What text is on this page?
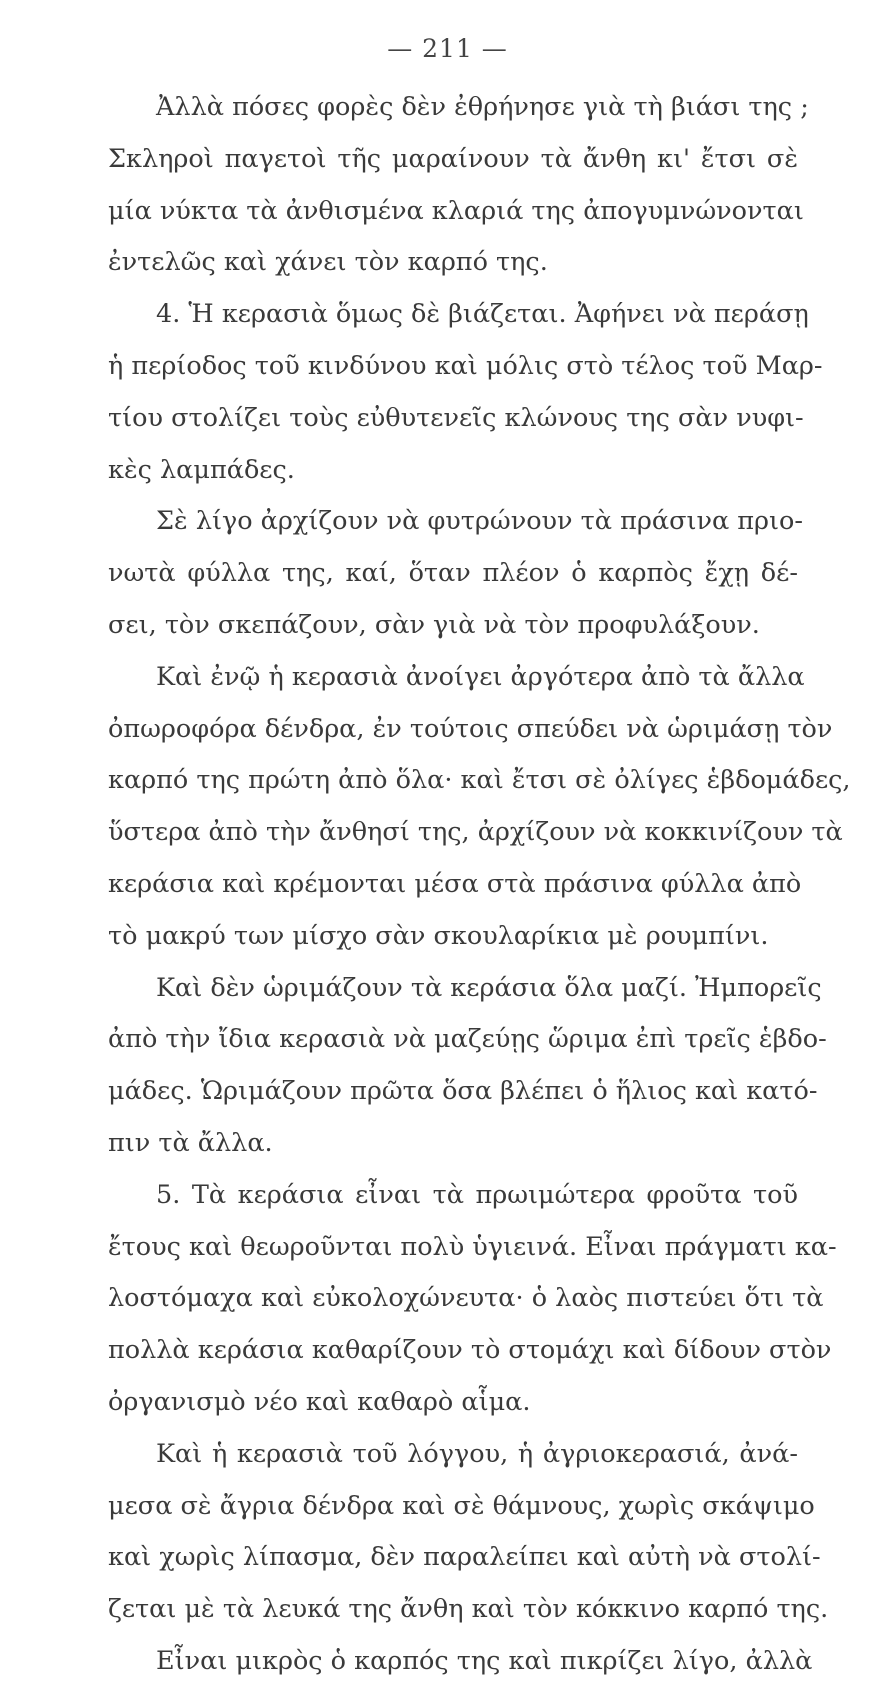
— 211 —
Ἀλλὰ πόσες φορὲς δὲν ἐθρήνησε γιὰ τὴ βιάσι της ;
Σκληροὶ παγετοὶ τῆς μαραίνουν τὰ ἄνθη κι' ἔτσι σὲ
μία νύκτα τὰ ἀνθισμένα κλαριά της ἀπογυμνώνονται
ἐντελῶς καὶ χάνει τὸν καρπό της.
4. Ἡ κερασιὰ ὅμως δὲ βιάζεται. Ἀφήνει νὰ περάσῃ
ἡ περίοδος τοῦ κινδύνου καὶ μόλις στὸ τέλος τοῦ Μαρ-
τίου στολίζει τοὺς εὐθυτενεῖς κλώνους της σὰν νυφι-
κὲς λαμπάδες.
Σὲ λίγο ἀρχίζουν νὰ φυτρώνουν τὰ πράσινα πριο-
νωτὰ φύλλα της, καί, ὅταν πλέον ὁ καρπὸς ἔχῃ δέ-
σει, τὸν σκεπάζουν, σὰν γιὰ νὰ τὸν προφυλάξουν.
Καὶ ἐνῷ ἡ κερασιὰ ἀνοίγει ἀργότερα ἀπὸ τὰ ἄλλα
ὀπωροφόρα δένδρα, ἐν τούτοις σπεύδει νὰ ὡριμάσῃ τὸν
καρπό της πρώτη ἀπὸ ὅλα· καὶ ἔτσι σὲ ὀλίγες ἑβδομάδες,
ὕστερα ἀπὸ τὴν ἄνθησί της, ἀρχίζουν νὰ κοκκινίζουν τὰ
κεράσια καὶ κρέμονται μέσα στὰ πράσινα φύλλα ἀπὸ
τὸ μακρύ των μίσχο σὰν σκουλαρίκια μὲ ρουμπίνι.
Καὶ δὲν ὡριμάζουν τὰ κεράσια ὅλα μαζί. Ἠμπορεῖς
ἀπὸ τὴν ἴδια κερασιὰ νὰ μαζεύῃς ὥριμα ἐπὶ τρεῖς ἑβδο-
μάδες. Ὡριμάζουν πρῶτα ὅσα βλέπει ὁ ἥλιος καὶ κατό-
πιν τὰ ἄλλα.
5. Τὰ κεράσια εἶναι τὰ πρωιμώτερα φροῦτα τοῦ
ἔτους καὶ θεωροῦνται πολὺ ὑγιεινά. Εἶναι πράγματι κα-
λοστόμαχα καὶ εὐκολοχώνευτα· ὁ λαὸς πιστεύει ὅτι τὰ
πολλὰ κεράσια καθαρίζουν τὸ στομάχι καὶ δίδουν στὸν
ὀργανισμὸ νέο καὶ καθαρὸ αἷμα.
Καὶ ἡ κερασιὰ τοῦ λόγγου, ἡ ἀγριοκερασιά, ἀνά-
μεσα σὲ ἄγρια δένδρα καὶ σὲ θάμνους, χωρὶς σκάψιμο
καὶ χωρὶς λίπασμα, δὲν παραλείπει καὶ αὐτὴ νὰ στολί-
ζεται μὲ τὰ λευκά της ἄνθη καὶ τὸν κόκκινο καρπό της.
Εἶναι μικρὸς ὁ καρπός της καὶ πικρίζει λίγο, ἀλλὰ
